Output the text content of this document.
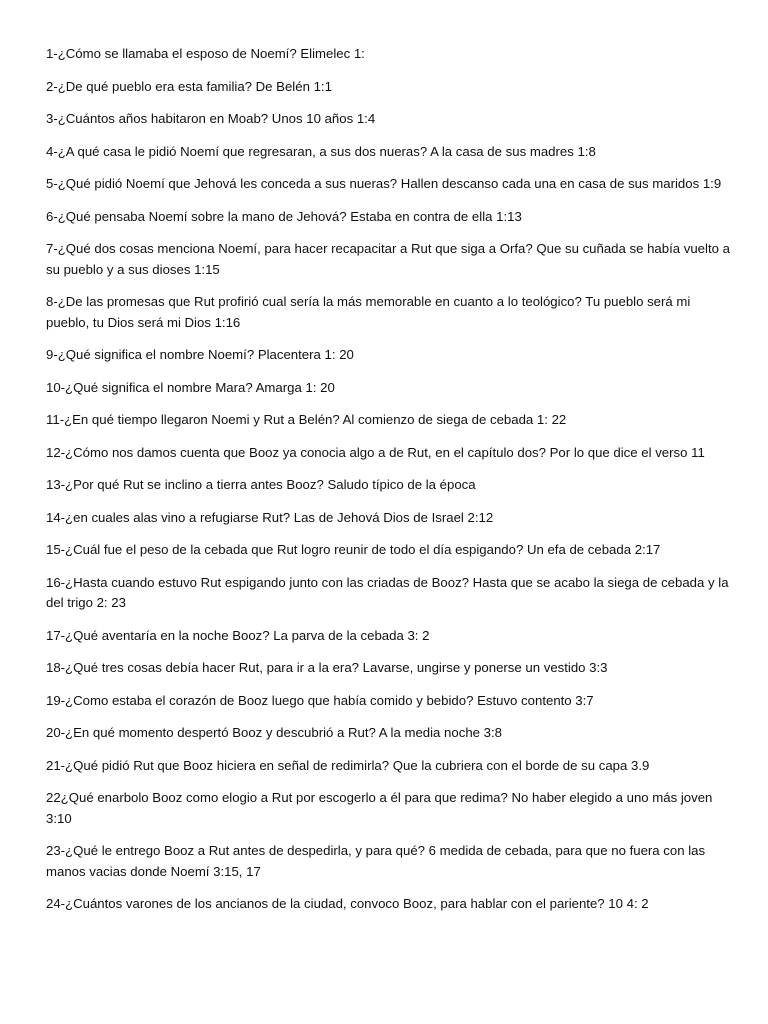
1-¿Cómo se llamaba el esposo de Noemí? Elimelec 1:
2-¿De qué pueblo era esta familia? De Belén 1:1
3-¿Cuántos años habitaron en Moab? Unos 10 años 1:4
4-¿A qué casa le pidió Noemí que regresaran, a sus dos nueras? A la casa de sus madres 1:8
5-¿Qué pidió Noemí que Jehová les conceda a sus nueras? Hallen descanso cada una en casa de sus maridos 1:9
6-¿Qué pensaba Noemí sobre la mano de Jehová? Estaba en contra de ella 1:13
7-¿Qué dos cosas menciona Noemí, para hacer recapacitar a Rut que siga a Orfa? Que su cuñada se había vuelto a su pueblo y a sus dioses 1:15
8-¿De las promesas que Rut profirió cual sería la más memorable en cuanto a lo teológico? Tu pueblo será mi pueblo, tu Dios será mi Dios 1:16
9-¿Qué significa el nombre Noemí? Placentera 1: 20
10-¿Qué significa el nombre Mara? Amarga 1: 20
11-¿En qué tiempo llegaron Noemi y Rut a Belén? Al comienzo de siega de cebada 1: 22
12-¿Cómo nos damos cuenta que Booz ya conocia algo a de Rut, en el capítulo dos? Por lo que dice el verso 11
13-¿Por qué Rut se inclino a tierra antes Booz? Saludo típico de la época
14-¿en cuales alas vino a refugiarse Rut? Las de Jehová Dios de Israel 2:12
15-¿Cuál fue el peso de la cebada que Rut logro reunir de todo el día espigando? Un efa de cebada 2:17
16-¿Hasta cuando estuvo Rut espigando junto con las criadas de Booz? Hasta que se acabo la siega de cebada y la del trigo 2: 23
17-¿Qué aventaría en la noche Booz? La parva de la cebada 3: 2
18-¿Qué tres cosas debía hacer Rut, para ir a la era? Lavarse, ungirse y ponerse un vestido 3:3
19-¿Como estaba el corazón de Booz luego que había comido y bebido? Estuvo contento 3:7
20-¿En qué momento despertó Booz y descubrió a Rut? A la media noche 3:8
21-¿Qué pidió Rut que Booz hiciera en señal de redimirla? Que la cubriera con el borde de su capa 3.9
22¿Qué enarbolo Booz como elogio a Rut por escogerlo a él para que redima? No haber elegido a uno más joven 3:10
23-¿Qué le entrego Booz a Rut antes de despedirla, y para qué? 6 medida de cebada, para que no fuera con las manos vacias donde Noemí 3:15, 17
24-¿Cuántos varones de los ancianos de la ciudad, convoco Booz, para hablar con el pariente? 10 4: 2
